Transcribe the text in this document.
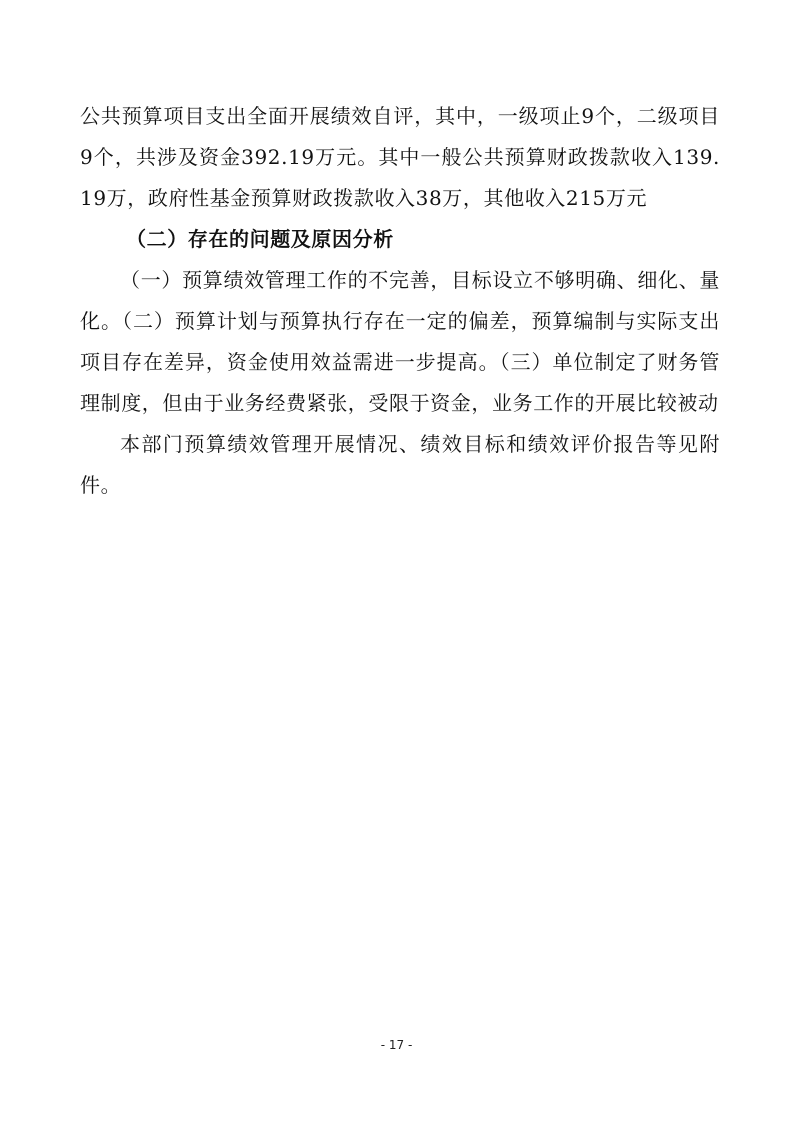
公共预算项目支出全面开展绩效自评，其中，一级项止9个，二级项目9个，共涉及资金392.19万元。其中一般公共预算财政拨款收入139.19万，政府性基金预算财政拨款收入38万，其他收入215万元

（二）存在的问题及原因分析

（一）预算绩效管理工作的不完善，目标设立不够明确、细化、量化。（二）预算计划与预算执行存在一定的偏差，预算编制与实际支出项目存在差异，资金使用效益需进一步提高。（三）单位制定了财务管理制度，但由于业务经费紧张，受限于资金，业务工作的开展比较被动

本部门预算绩效管理开展情况、绩效目标和绩效评价报告等见附件。

- 17 -
